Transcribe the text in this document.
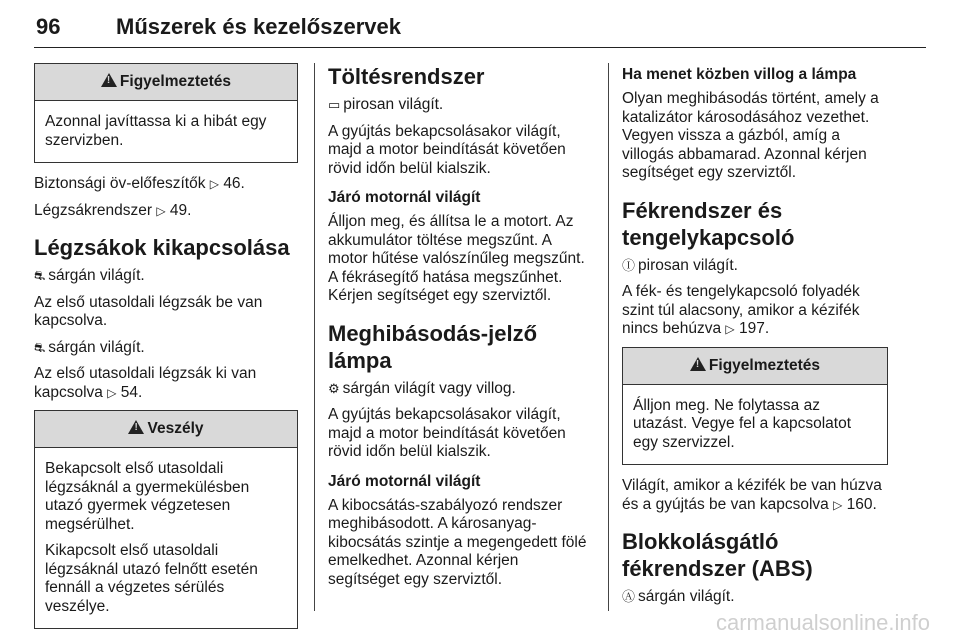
96	Műszerek és kezelőszervek
!Figyelmeztetés

Azonnal javíttassa ki a hibát egy szervizben.

Biztonsági öv-előfeszítők ▷ 46.

Légzsákrendszer ▷ 49.

Légzsákok kikapcsolása

⛐ sárgán világít.

Az első utasoldali légzsák be van kapcsolva.

⛐ sárgán világít.

Az első utasoldali légzsák ki van kapcsolva ▷ 54.

!Veszély

Bekapcsolt első utasoldali légzsáknál a gyermekülésben utazó gyermek végzetesen megsérülhet.

Kikapcsolt első utasoldali légzsáknál utazó felnőtt esetén fennáll a végzetes sérülés veszélye.

Töltésrendszer

▭ pirosan világít.

A gyújtás bekapcsolásakor világít, majd a motor beindítását követően rövid időn belül kialszik.

Járó motornál világít

Álljon meg, és állítsa le a motort. Az akkumulátor töltése megszűnt. A motor hűtése valószínűleg megszűnt. A fékrásegítő hatása megszűnhet. Kérjen segítséget egy szerviztől.

Meghibásodás-jelző lámpa

⚙ sárgán világít vagy villog.

A gyújtás bekapcsolásakor világít, majd a motor beindítását követően rövid időn belül kialszik.

Járó motornál világít

A kibocsátás-szabályozó rendszer meghibásodott. A károsanyag-kibocsátás szintje a megengedett fölé emelkedhet. Azonnal kérjen segítséget egy szerviztől.

Ha menet közben villog a lámpa

Olyan meghibásodás történt, amely a katalizátor károsodásához vezethet. Vegyen vissza a gázból, amíg a villogás abbamarad. Azonnal kérjen segítséget egy szerviztől.

Fékrendszer és tengelykapcsoló

Ⓘ pirosan világít.

A fék- és tengelykapcsoló folyadék szint túl alacsony, amikor a kézifék nincs behúzva ▷ 197.

!Figyelmeztetés

Álljon meg. Ne folytassa az utazást. Vegye fel a kapcsolatot egy szervizzel.

Világít, amikor a kézifék be van húzva és a gyújtás be van kapcsolva ▷ 160.

Blokkolásgátló fékrendszer (ABS)

Ⓐ sárgán világít.

carmanualsonline.info
